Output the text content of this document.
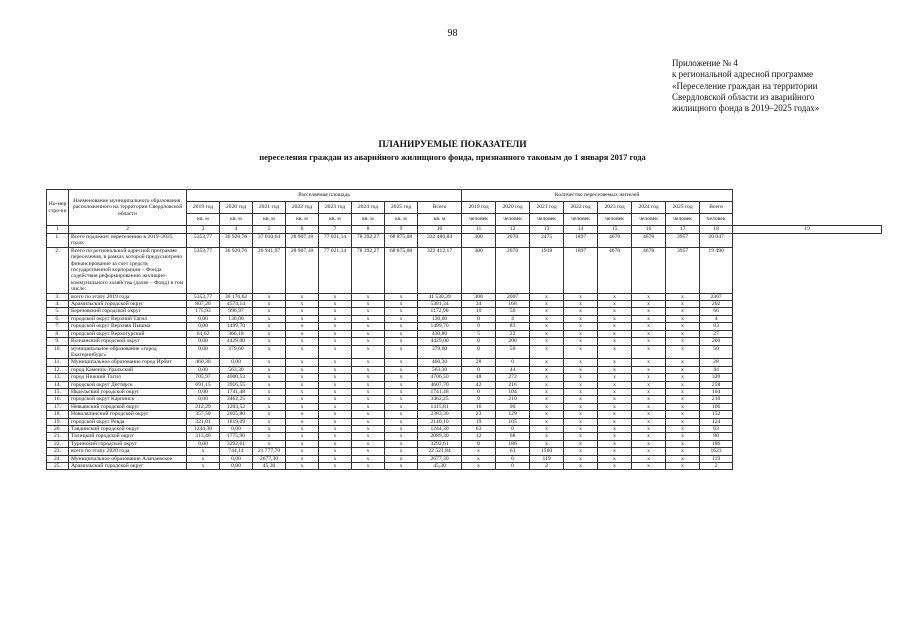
98
Приложение № 4
к региональной адресной программе
«Переселение граждан на территории
Свердловской области из аварийного
жилищного фонда в 2019–2025 годах»
ПЛАНИРУЕМЫЕ ПОКАЗАТЕЛИ
переселения граждан из аварийного жилищного фонда, признанного таковым до 1 января 2017 года
Но-мер стро-ки	Наименование муниципального образования, расположенного на территории Свердловской области	Расселяемая площадь								Количество переселяемых жителей								
		2019 год	2020 год	2021 год	2022 год	2023 год	2024 год	2025 год	Всего	2019 год	2020 год	2021 год	2022 год	2023 год	2024 год	2025 год	Всего	
		кв. м	кв. м	кв. м	кв. м	кв. м	кв. м	кв. м	кв. м	человек	человек	человек	человек	человек	человек	человек	человек	
1	2	3	4	5	6	7	8	9	10	11	12	13	14	15	16	17	18	19
1.	Всего подлежит переселению в 2019–2025 годах	5353,77	36 920,76	37 010,64	28 907,18	77 021,14	78 392,27	68 875,08	332 480,84	300	2070	2475	1897	4670	4678	3957	20 047	
2.	Всего по региональной адресной программе переселения, в рамках которой предусмотрено финансирование за счет средств государственной корпорации – Фонда содействия реформированию жилищно-коммунального хозяйства (далее – Фонд) в том числе:	5353,77	36 920,76	26 941,97	28 907,18	77 021,14	78 392,27	68 875,08	322 412,17	300	2070	1918	1897	4670	4678	3957	19 490	
3.	всего по этапу 2019 года	5353,77	36 176,62	x	x	x	x	x	41 530,39	300	2007	x	x	x	x	x	2307	
4.	Арамильский городской округ	807,20	4574,14	x	x	x	x	x	5381,34	34	168	x	x	x	x	x	202	
5.	Березовский городской округ	175,93	996,97	x	x	x	x	x	1172,90	10	56	x	x	x	x	x	66	
6.	городской округ Верхний Тагил	0,00	130,00	x	x	x	x	x	130,00	0	4	x	x	x	x	x	4	
7.	городской округ Верхняя Пышма	0,00	1499,70	x	x	x	x	x	1499,70	0	83	x	x	x	x	x	83	
8.	городской округ Верхотурский	64,62	366,18	x	x	x	x	x	430,80	5	22	x	x	x	x	x	27	
9.	Волчанский городской округ	0,00	4429,00	x	x	x	x	x	4429,00	0	200	x	x	x	x	x	200	
10.	муниципальное образование «город Екатеринбург»	0,00	379,60	x	x	x	x	x	379,60	0	50	x	x	x	x	x	50	
11.	Муниципальное образование город Ирбит	460,30	0,00	x	x	x	x	x	460,30	28	0	x	x	x	x	x	28	
12.	город Каменск-Уральский	0,00	563,30	x	x	x	x	x	563,30	0	44	x	x	x	x	x	44	
13.	город Нижний Тагил	705,97	4000,53	x	x	x	x	x	4706,50	48	272	x	x	x	x	x	320	
14.	городской округ Дегтярск	691,15	3916,55	x	x	x	x	x	4607,70	42	216	x	x	x	x	x	258	
15.	Ивдельский городской округ	0,00	1741,48	x	x	x	x	x	1741,48	0	104	x	x	x	x	x	104	
16.	городской округ Карпинск	0,00	3462,25	x	x	x	x	x	3462,25	0	210	x	x	x	x	x	210	
17.	Невьянский городской округ	212,29	1203,52	x	x	x	x	x	1415,81	16	90	x	x	x	x	x	106	
18.	Новолялинский городской округ	357,50	2025,80	x	x	x	x	x	2383,30	23	129	x	x	x	x	x	152	
19.	городской округ Ревда	321,01	1819,09	x	x	x	x	x	2140,10	19	105	x	x	x	x	x	124	
20.	Тавдинский городской округ	1244,30	0,00	x	x	x	x	x	1244,30	63	0	x	x	x	x	x	63	
21.	Талицкий городской округ	313,40	1775,90	x	x	x	x	x	2089,30	12	68	x	x	x	x	x	80	
22.	Туринский городской округ	0,00	3292,61	x	x	x	x	x	3292,61	0	186	x	x	x	x	x	186	
23.	всего по этапу 2020 года	x	744,14	21 777,70	x	x	x	x	22 521,84	x	63	1560	x	x	x	x	1623	
24.	Муниципальное образование Алапаевское	x	0,00	2677,30	x	x	x	x	2677,30	x	0	119	x	x	x	x	119	
25.	Арамильский городской округ	x	0,00	45,30	x	x	x	x	45,30	x	0	2	x	x	x	x	2	
